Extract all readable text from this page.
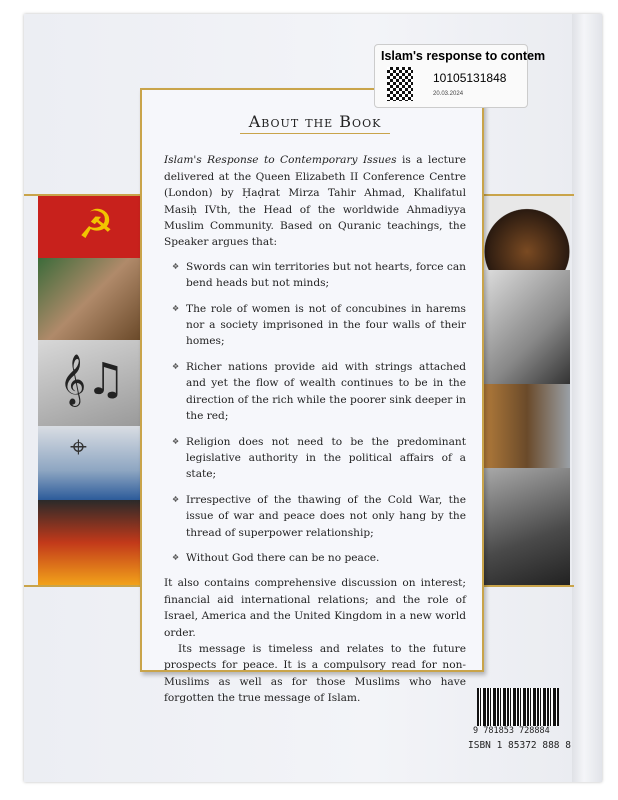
☭
𝄞♫
⌖
About the Book

Islam's Response to Contemporary Issues is a lecture delivered at the Queen Elizabeth II Conference Centre (London) by Ḥaḍrat Mirza Tahir Ahmad, Khalifatul Masiḥ IVth, the Head of the worldwide Ahmadiyya Muslim Community. Based on Quranic teachings, the Speaker argues that:

❖ Swords can win territories but not hearts, force can bend heads but not minds;
❖ The role of women is not of concubines in harems nor a society imprisoned in the four walls of their homes;
❖ Richer nations provide aid with strings attached and yet the flow of wealth continues to be in the direction of the rich while the poorer sink deeper in the red;
❖ Religion does not need to be the predominant legislative authority in the political affairs of a state;
❖ Irrespective of the thawing of the Cold War, the issue of war and peace does not only hang by the thread of superpower relationship;
❖ Without God there can be no peace.

It also contains comprehensive discussion on interest; financial aid international relations; and the role of Israel, America and the United Kingdom in a new world order.

Its message is timeless and relates to the future prospects for peace. It is a compulsory read for non-Muslims as well as for those Muslims who have forgotten the true message of Islam.

Islam's response to contem
10105131848
20.03.2024
9 781853 728884
ISBN 1 85372 888 8
